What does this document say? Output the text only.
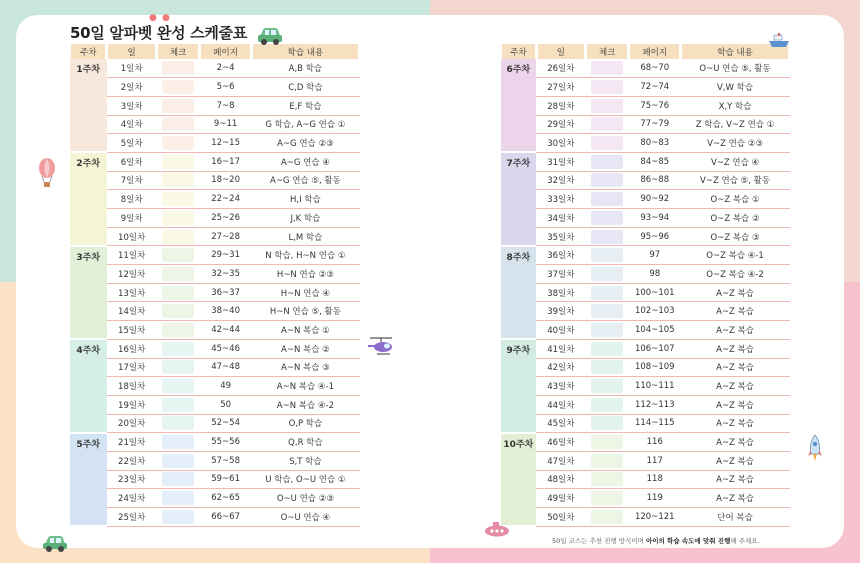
50일 알파벳 완성 스케줄표
● ●
주차	일	체크	페이지	학습 내용
1주차	1일차		2~4	A,B 학습
	2일차		5~6	C,D 학습
	3일차		7~8	E,F 학습
	4일차		9~11	G 학습, A~G 연습 ①
	5일차		12~15	A~G 연습 ②③
2주차	6일차		16~17	A~G 연습 ④
	7일차		18~20	A~G 연습 ⑤, 활동
	8일차		22~24	H,I 학습
	9일차		25~26	J,K 학습
	10일차		27~28	L,M 학습
3주차	11일차		29~31	N 학습, H~N 연습 ①
	12일차		32~35	H~N 연습 ②③
	13일차		36~37	H~N 연습 ④
	14일차		38~40	H~N 연습 ⑤, 활동
	15일차		42~44	A~N 복습 ①
4주차	16일차		45~46	A~N 복습 ②
	17일차		47~48	A~N 복습 ③
	18일차		49	A~N 복습 ④-1
	19일차		50	A~N 복습 ④-2
	20일차		52~54	O,P 학습
5주차	21일차		55~56	Q,R 학습
	22일차		57~58	S,T 학습
	23일차		59~61	U 학습, O~U 연습 ①
	24일차		62~65	O~U 연습 ②③
	25일차		66~67	O~U 연습 ④
주차	일	체크	페이지	학습 내용
6주차	26일차		68~70	O~U 연습 ⑤, 활동
	27일차		72~74	V,W 학습
	28일차		75~76	X,Y 학습
	29일차		77~79	Z 학습, V~Z 연습 ①
	30일차		80~83	V~Z 연습 ②③
7주차	31일차		84~85	V~Z 연습 ④
	32일차		86~88	V~Z 연습 ⑤, 활동
	33일차		90~92	O~Z 복습 ①
	34일차		93~94	O~Z 복습 ②
	35일차		95~96	O~Z 복습 ③
8주차	36일차		97	O~Z 복습 ④-1
	37일차		98	O~Z 복습 ④-2
	38일차		100~101	A~Z 복습
	39일차		102~103	A~Z 복습
	40일차		104~105	A~Z 복습
9주차	41일차		106~107	A~Z 복습
	42일차		108~109	A~Z 복습
	43일차		110~111	A~Z 복습
	44일차		112~113	A~Z 복습
	45일차		114~115	A~Z 복습
10주차	46일차		116	A~Z 복습
	47일차		117	A~Z 복습
	48일차		118	A~Z 복습
	49일차		119	A~Z 복습
	50일차		120~121	단어 복습
50일 코스는 추천 진행 방식이며 아이의 학습 속도에 맞춰 진행해 주세요.
